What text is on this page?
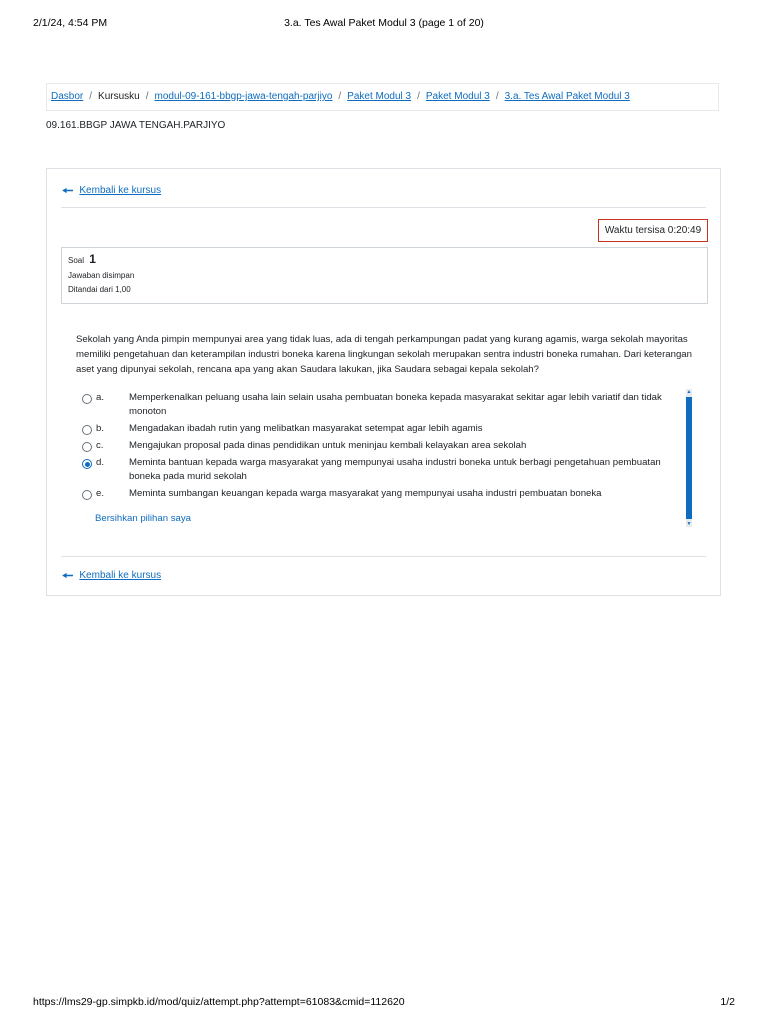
2/1/24, 4:54 PM	3.a. Tes Awal Paket Modul 3 (page 1 of 20)
Dasbor / Kursusku / modul-09-161-bbgp-jawa-tengah-parjiyo / Paket Modul 3 / Paket Modul 3 / 3.a. Tes Awal Paket Modul 3
09.161.BBGP JAWA TENGAH.PARJIYO
🠔 Kembali ke kursus
Waktu tersisa 0:20:49
Soal 1
Jawaban disimpan
Ditandai dari 1,00
Sekolah yang Anda pimpin mempunyai area yang tidak luas, ada di tengah perkampungan padat yang kurang agamis, warga sekolah mayoritas memiliki pengetahuan dan keterampilan industri boneka karena lingkungan sekolah merupakan sentra industri boneka rumahan. Dari keterangan aset yang dipunyai sekolah, rencana apa yang akan Saudara lakukan, jika Saudara sebagai kepala sekolah?
a.	Memperkenalkan peluang usaha lain selain usaha pembuatan boneka kepada masyarakat sekitar agar lebih variatif dan tidak monoton
b.	Mengadakan ibadah rutin yang melibatkan masyarakat setempat agar lebih agamis
c.	Mengajukan proposal pada dinas pendidikan untuk meninjau kembali kelayakan area sekolah
d.	Meminta bantuan kepada warga masyarakat yang mempunyai usaha industri boneka untuk berbagi pengetahuan pembuatan boneka pada murid sekolah
e.	Meminta sumbangan keuangan kepada warga masyarakat yang mempunyai usaha industri pembuatan boneka
Bersihkan pilihan saya
▲
▼
🠔 Kembali ke kursus
https://lms29-gp.simpkb.id/mod/quiz/attempt.php?attempt=61083&cmid=112620	1/2
